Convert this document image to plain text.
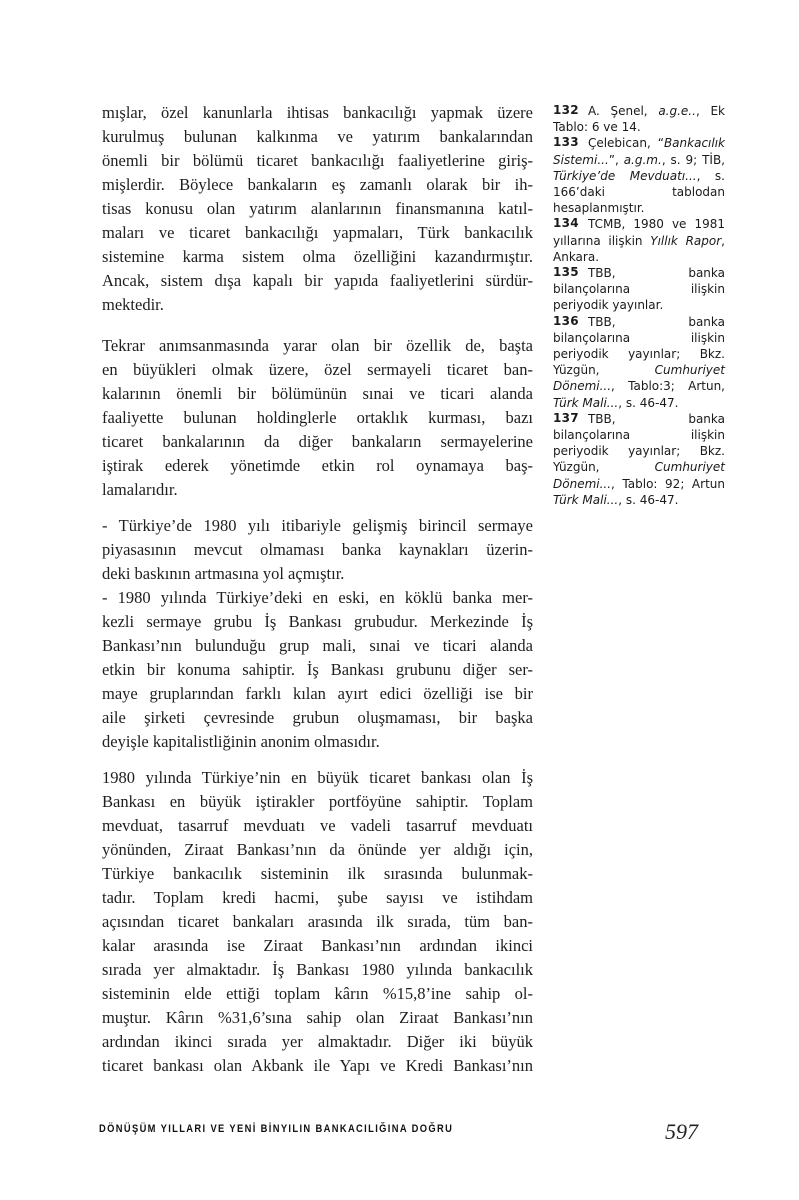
mışlar, özel kanunlarla ihtisas bankacılığı yapmak üzere
kurulmuş bulunan kalkınma ve yatırım bankalarından
önemli bir bölümü ticaret bankacılığı faaliyetlerine giriş-
mişlerdir. Böylece bankaların eş zamanlı olarak bir ih-
tisas konusu olan yatırım alanlarının finansmanına katıl-
maları ve ticaret bankacılığı yapmaları, Türk bankacılık
sistemine karma sistem olma özelliğini kazandırmıştır.
Ancak, sistem dışa kapalı bir yapıda faaliyetlerini sürdür-
mektedir.
Tekrar anımsanmasında yarar olan bir özellik de, başta
en büyükleri olmak üzere, özel sermayeli ticaret ban-
kalarının önemli bir bölümünün sınai ve ticari alanda
faaliyette bulunan holdinglerle ortaklık kurması, bazı
ticaret bankalarının da diğer bankaların sermayelerine
iştirak ederek yönetimde etkin rol oynamaya baş-
lamalarıdır.
- Türkiye’de 1980 yılı itibariyle gelişmiş birincil sermaye
piyasasının mevcut olmaması banka kaynakları üzerin-
deki baskının artmasına yol açmıştır.
- 1980 yılında Türkiye’deki en eski, en köklü banka mer-
kezli sermaye grubu İş Bankası grubudur. Merkezinde İş
Bankası’nın bulunduğu grup mali, sınai ve ticari alanda
etkin bir konuma sahiptir. İş Bankası grubunu diğer ser-
maye gruplarından farklı kılan ayırt edici özelliği ise bir
aile şirketi çevresinde grubun oluşmaması, bir başka
deyişle kapitalistliğinin anonim olmasıdır.
1980 yılında Türkiye’nin en büyük ticaret bankası olan İş
Bankası en büyük iştirakler portföyüne sahiptir. Toplam
mevduat, tasarruf mevduatı ve vadeli tasarruf mevduatı
yönünden, Ziraat Bankası’nın da önünde yer aldığı için,
Türkiye bankacılık sisteminin ilk sırasında bulunmak-
tadır. Toplam kredi hacmi, şube sayısı ve istihdam
açısından ticaret bankaları arasında ilk sırada, tüm ban-
kalar arasında ise Ziraat Bankası’nın ardından ikinci
sırada yer almaktadır. İş Bankası 1980 yılında bankacılık
sisteminin elde ettiği toplam kârın %15,8’ine sahip ol-
muştur. Kârın %31,6’sına sahip olan Ziraat Bankası’nın
ardından ikinci sırada yer almaktadır. Diğer iki büyük
ticaret bankası olan Akbank ile Yapı ve Kredi Bankası’nın
132 A. Şenel, a.g.e.., Ek Tablo: 6 ve 14.
133 Çelebican, “Bankacılık Sistemi...”, a.g.m., s. 9; TİB, Türkiye’de Mevduatı..., s. 166’daki tablodan hesaplanmıştır.
134 TCMB, 1980 ve 1981 yıllarına ilişkin Yıllık Rapor, Ankara.
135 TBB, banka bilançolarına ilişkin periyodik yayınlar.
136 TBB, banka bilançolarına ilişkin periyodik yayınlar; Bkz. Yüzgün, Cumhuriyet Dönemi..., Tablo:3; Artun, Türk Mali..., s. 46-47.
137 TBB, banka bilançolarına ilişkin periyodik yayınlar; Bkz. Yüzgün, Cumhuriyet Dönemi..., Tablo: 92; Artun Türk Mali..., s. 46-47.
DÖNÜŞÜM YILLARI VE YENİ BİNYILIN BANKACILIĞINA DOĞRU	597
